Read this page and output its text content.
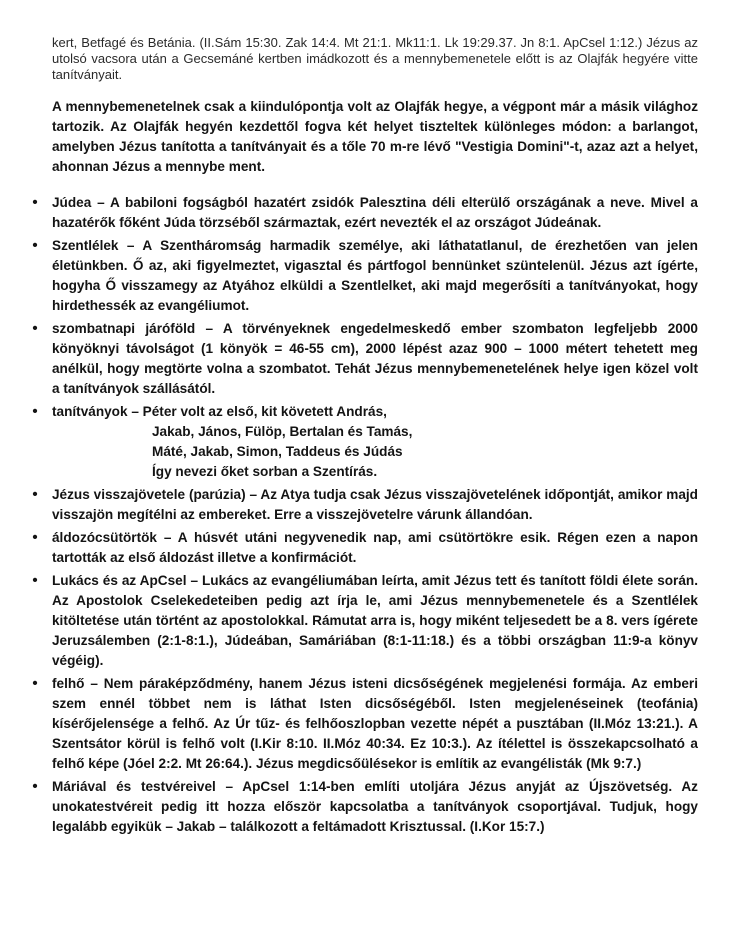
kert, Betfagé és Betánia. (II.Sám 15:30. Zak 14:4. Mt 21:1. Mk11:1. Lk 19:29.37. Jn 8:1. ApCsel 1:12.) Jézus az utolsó vacsora után a Gecsemáné kertben imádkozott és a mennybemenetele előtt is az Olajfák hegyére vitte tanítványait.
A mennybemenetelnek csak a kiindulópontja volt az Olajfák hegye, a végpont már a másik világhoz tartozik. Az Olajfák hegyén kezdettől fogva két helyet tiszteltek különleges módon: a barlangot, amelyben Jézus tanította a tanítványait és a tőle 70 m-re lévő "Vestigia Domini"-t, azaz azt a helyet, ahonnan Jézus a mennybe ment.
• Júdea – A babiloni fogságból hazatért zsidók Palesztina déli elterülő országának a neve. Mivel a hazatérők főként Júda törzséből származtak, ezért nevezték el az országot Júdeának.
• Szentlélek – A Szentháromság harmadik személye, aki láthatatlanul, de érezhetően van jelen életünkben. Ő az, aki figyelmeztet, vigasztal és pártfogol bennünket szüntelenül. Jézus azt ígérte, hogyha Ő visszamegy az Atyához elküldi a Szentlelket, aki majd megerősíti a tanítványokat, hogy hirdethessék az evangéliumot.
• szombatnapi járóföld – A törvényeknek engedelmeskedő ember szombaton legfeljebb 2000 könyöknyi távolságot (1 könyök = 46-55 cm), 2000 lépést azaz 900 – 1000 métert tehetett meg anélkül, hogy megtörte volna a szombatot. Tehát Jézus mennybemenetelének helye igen közel volt a tanítványok szállásától.
• tanítványok – Péter volt az első, kit követett András,
Jakab, János, Fülöp, Bertalan és Tamás,
Máté, Jakab, Simon, Taddeus és Júdás
Így nevezi őket sorban a Szentírás.
• Jézus visszajövetele (parúzia) – Az Atya tudja csak Jézus visszajövetelének időpontját, amikor majd visszajön megítélni az embereket. Erre a visszejövetelre várunk állandóan.
• áldozócsütörtök – A húsvét utáni negyvenedik nap, ami csütörtökre esik. Régen ezen a napon tartották az első áldozást illetve a konfirmációt.
• Lukács és az ApCsel – Lukács az evangéliumában leírta, amit Jézus tett és tanított földi élete során. Az Apostolok Cselekedeteiben pedig azt írja le, ami Jézus mennybemenetele és a Szentlélek kitöltetése után történt az apostolokkal. Rámutat arra is, hogy miként teljesedett be a 8. vers ígérete Jeruzsálemben (2:1-8:1.), Júdeában, Samáriában (8:1-11:18.) és a többi országban 11:9-a könyv végéig).
• felhő – Nem páraképződmény, hanem Jézus isteni dicsőségének megjelenési formája. Az emberi szem ennél többet nem is láthat Isten dicsőségéből. Isten megjelenéseinek (teofánia) kísérőjelensége a felhő. Az Úr tűz- és felhőoszlopban vezette népét a pusztában (II.Móz 13:21.). A Szentsátor körül is felhő volt (I.Kir 8:10. II.Móz 40:34. Ez 10:3.). Az ítélettel is összekapcsolható a felhő képe (Jóel 2:2. Mt 26:64.). Jézus megdicsőülésekor is említik az evangélisták (Mk 9:7.)
• Máriával és testvéreivel – ApCsel 1:14-ben említi utoljára Jézus anyját az Újszövetség. Az unokatestvéreit pedig itt hozza először kapcsolatba a tanítványok csoportjával. Tudjuk, hogy legalább egyikük – Jakab – találkozott a feltámadott Krisztussal. (I.Kor 15:7.)
